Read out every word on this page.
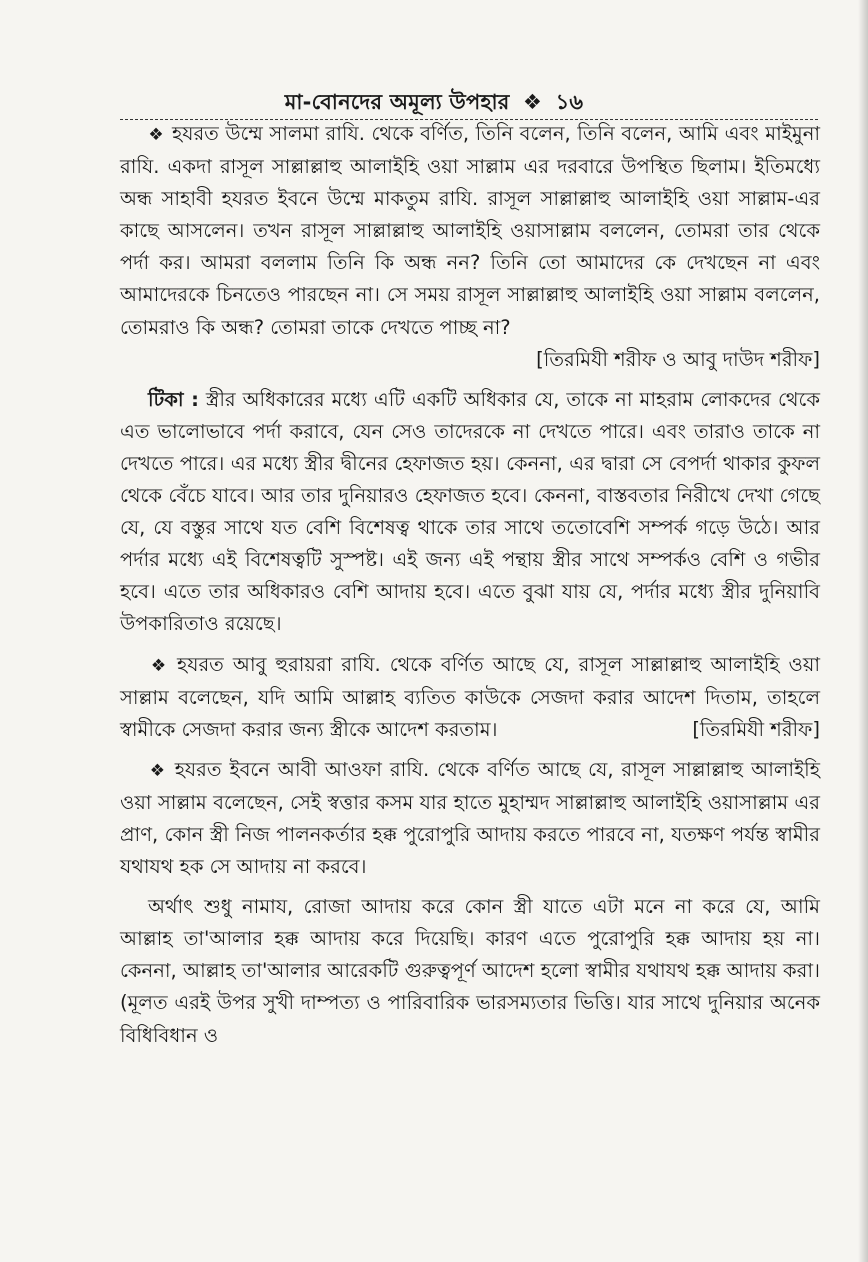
মা-বোনদের অমূল্য উপহার ❖ ১৬

❖ হযরত উম্মে সালমা রাযি. থেকে বর্ণিত, তিনি বলেন, তিনি বলেন, আমি এবং মাইমুনা রাযি. একদা রাসূল সাল্লাল্লাহু আলাইহি ওয়া সাল্লাম এর দরবারে উপস্থিত ছিলাম। ইতিমধ্যে অন্ধ সাহাবী হযরত ইবনে উম্মে মাকতুম রাযি. রাসূল সাল্লাল্লাহু আলাইহি ওয়া সাল্লাম-এর কাছে আসলেন। তখন রাসূল সাল্লাল্লাহু আলাইহি ওয়াসাল্লাম বললেন, তোমরা তার থেকে পর্দা কর। আমরা বললাম তিনি কি অন্ধ নন? তিনি তো আমাদের কে দেখছেন না এবং আমাদেরকে চিনতেও পারছেন না। সে সময় রাসূল সাল্লাল্লাহু আলাইহি ওয়া সাল্লাম বললেন, তোমরাও কি অন্ধ? তোমরা তাকে দেখতে পাচ্ছ না?

[তিরমিযী শরীফ ও আবু দাউদ শরীফ]

টিকা : স্ত্রীর অধিকারের মধ্যে এটি একটি অধিকার যে, তাকে না মাহরাম লোকদের থেকে এত ভালোভাবে পর্দা করাবে, যেন সেও তাদেরকে না দেখতে পারে। এবং তারাও তাকে না দেখতে পারে। এর মধ্যে স্ত্রীর দ্বীনের হেফাজত হয়। কেননা, এর দ্বারা সে বেপর্দা থাকার কুফল থেকে বেঁচে যাবে। আর তার দুনিয়ারও হেফাজত হবে। কেননা, বাস্তবতার নিরীখে দেখা গেছে যে, যে বস্তুর সাথে যত বেশি বিশেষত্ব থাকে তার সাথে ততোবেশি সম্পর্ক গড়ে উঠে। আর পর্দার মধ্যে এই বিশেষত্বটি সুস্পষ্ট। এই জন্য এই পন্থায় স্ত্রীর সাথে সম্পর্কও বেশি ও গভীর হবে। এতে তার অধিকারও বেশি আদায় হবে। এতে বুঝা যায় যে, পর্দার মধ্যে স্ত্রীর দুনিয়াবি উপকারিতাও রয়েছে।

❖ হযরত আবু হুরায়রা রাযি. থেকে বর্ণিত আছে যে, রাসূল সাল্লাল্লাহু আলাইহি ওয়া সাল্লাম বলেছেন, যদি আমি আল্লাহ ব্যতিত কাউকে সেজদা করার আদেশ দিতাম, তাহলে স্বামীকে সেজদা করার জন্য স্ত্রীকে আদেশ করতাম।	[তিরমিযী শরীফ]

❖ হযরত ইবনে আবী আওফা রাযি. থেকে বর্ণিত আছে যে, রাসূল সাল্লাল্লাহু আলাইহি ওয়া সাল্লাম বলেছেন, সেই স্বত্তার কসম যার হাতে মুহাম্মদ সাল্লাল্লাহু আলাইহি ওয়াসাল্লাম এর প্রাণ, কোন স্ত্রী নিজ পালনকর্তার হক্ক পুরোপুরি আদায় করতে পারবে না, যতক্ষণ পর্যন্ত স্বামীর যথাযথ হক সে আদায় না করবে।

অর্থাৎ শুধু নামায, রোজা আদায় করে কোন স্ত্রী যাতে এটা মনে না করে যে, আমি আল্লাহ তা'আলার হক্ক আদায় করে দিয়েছি। কারণ এতে পুরোপুরি হক্ক আদায় হয় না। কেননা, আল্লাহ তা'আলার আরেকটি গুরুত্বপূর্ণ আদেশ হলো স্বামীর যথাযথ হক্ক আদায় করা। (মূলত এরই উপর সুখী দাম্পত্য ও পারিবারিক ভারসম্যতার ভিত্তি। যার সাথে দুনিয়ার অনেক বিধিবিধান ও
